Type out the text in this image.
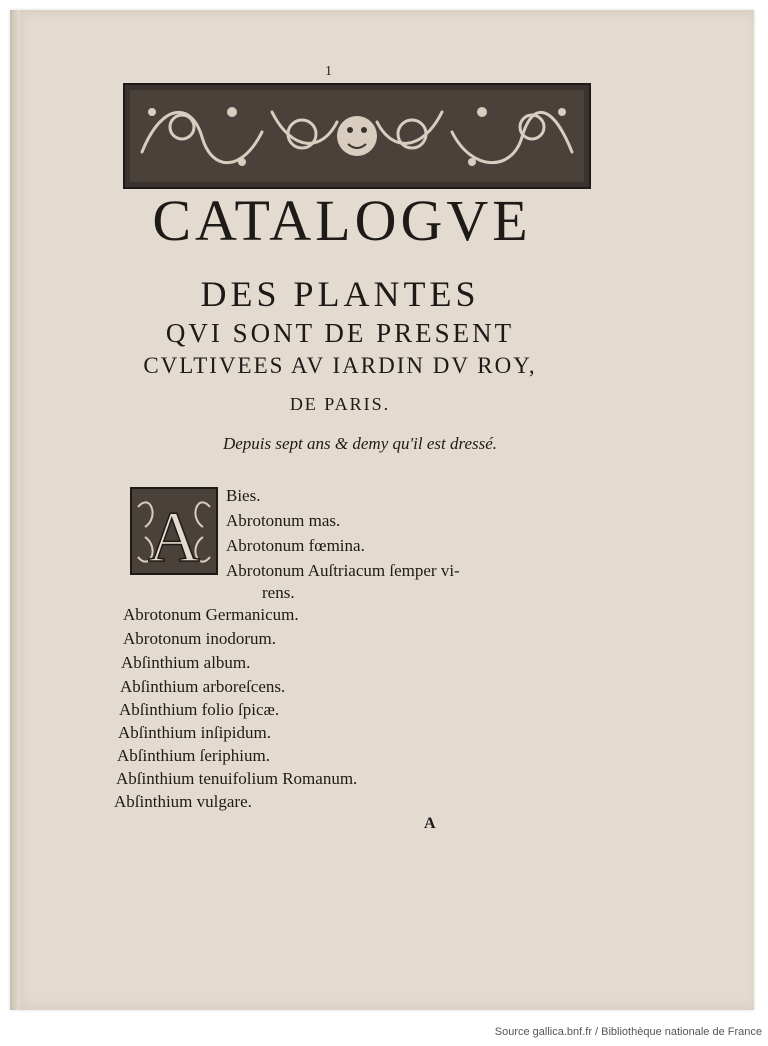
1
CATALOGVE
DES PLANTES
QVI SONT DE PRESENT
CVLTIVEES AV IARDIN DV ROY,
DE PARIS.
Depuis sept ans & demy qu'il est dressé.
A
Bies.
Abrotonum mas.
Abrotonum fœmina.
Abrotonum Auſtriacum ſemper vi-
rens.
Abrotonum Germanicum.
Abrotonum inodorum.
Abſinthium album.
Abſinthium arboreſcens.
Abſinthium folio ſpicæ.
Abſinthium inſipidum.
Abſinthium ſeriphium.
Abſinthium tenuifolium Romanum.
Abſinthium vulgare.
A
Source gallica.bnf.fr / Bibliothèque nationale de France
